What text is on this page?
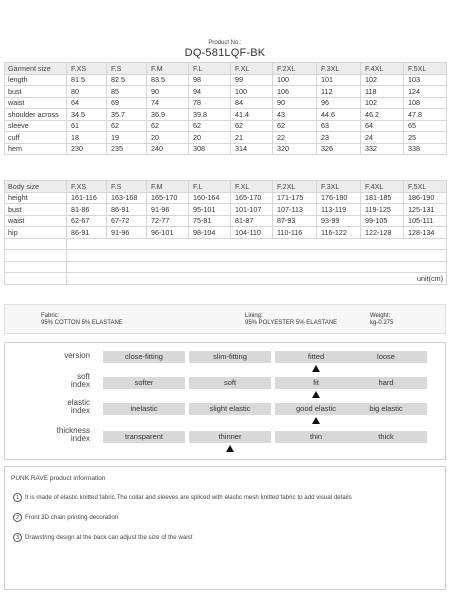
Product No.:
DQ-581LQF-BK
Garment size	F.XS	F.S	F.M	F.L	F.XL	F.2XL	F.3XL	F.4XL	F.5XL
length	81.5	82.5	83.5	98	99	100	101	102	103
bust	80	85	90	94	100	106	112	118	124
waist	64	69	74	78	84	90	96	102	108
shoulder across	34.5	35.7	36.9	39.8	41.4	43	44.6	46.2	47.8
sleeve	61	62	62	62	62	62	63	64	65
cuff	18	19	20	20	21	22	23	24	25
hem	230	235	240	308	314	320	326	332	338
Body size	F.XS	F.S	F.M	F.L	F.XL	F.2XL	F.3XL	F.4XL	F.5XL
height	161-116	163-168	165-170	160-164	165-170	171-175	176-180	181-185	186-190
bust	81-86	86-91	91-96	95-101	101-107	107-113	113-119	119-125	125-131
waist	62-67	67-72	72-77	75-81	81-87	87-93	93-99	99-105	105-111
hip	86-91	91-96	96-101	98-104	104-110	110-116	116-122	122-128	128-134

	unit(cm)								
Fabric:
95% COTTON 5% ELASTANE
Lining:
95% POLYESTER 5% ELASTANE
Weight:
kg-0.275
version	close-fitting	slim-fitting	fitted	loose
soft
index	softer	soft	fit	hard
elastic
index	inelastic	slight elastic	good elastic	big elastic
thickness
index	transparent	thinner	thin	thick
PUNK RAVE product information
1 It is made of elastic knitted fabric.The collar and sleeves are spliced with elastic mesh knitted fabric to add visual details
2 Front 3D chain printing decoration
3 Drawstring design at the back can adjust the size of the waist
